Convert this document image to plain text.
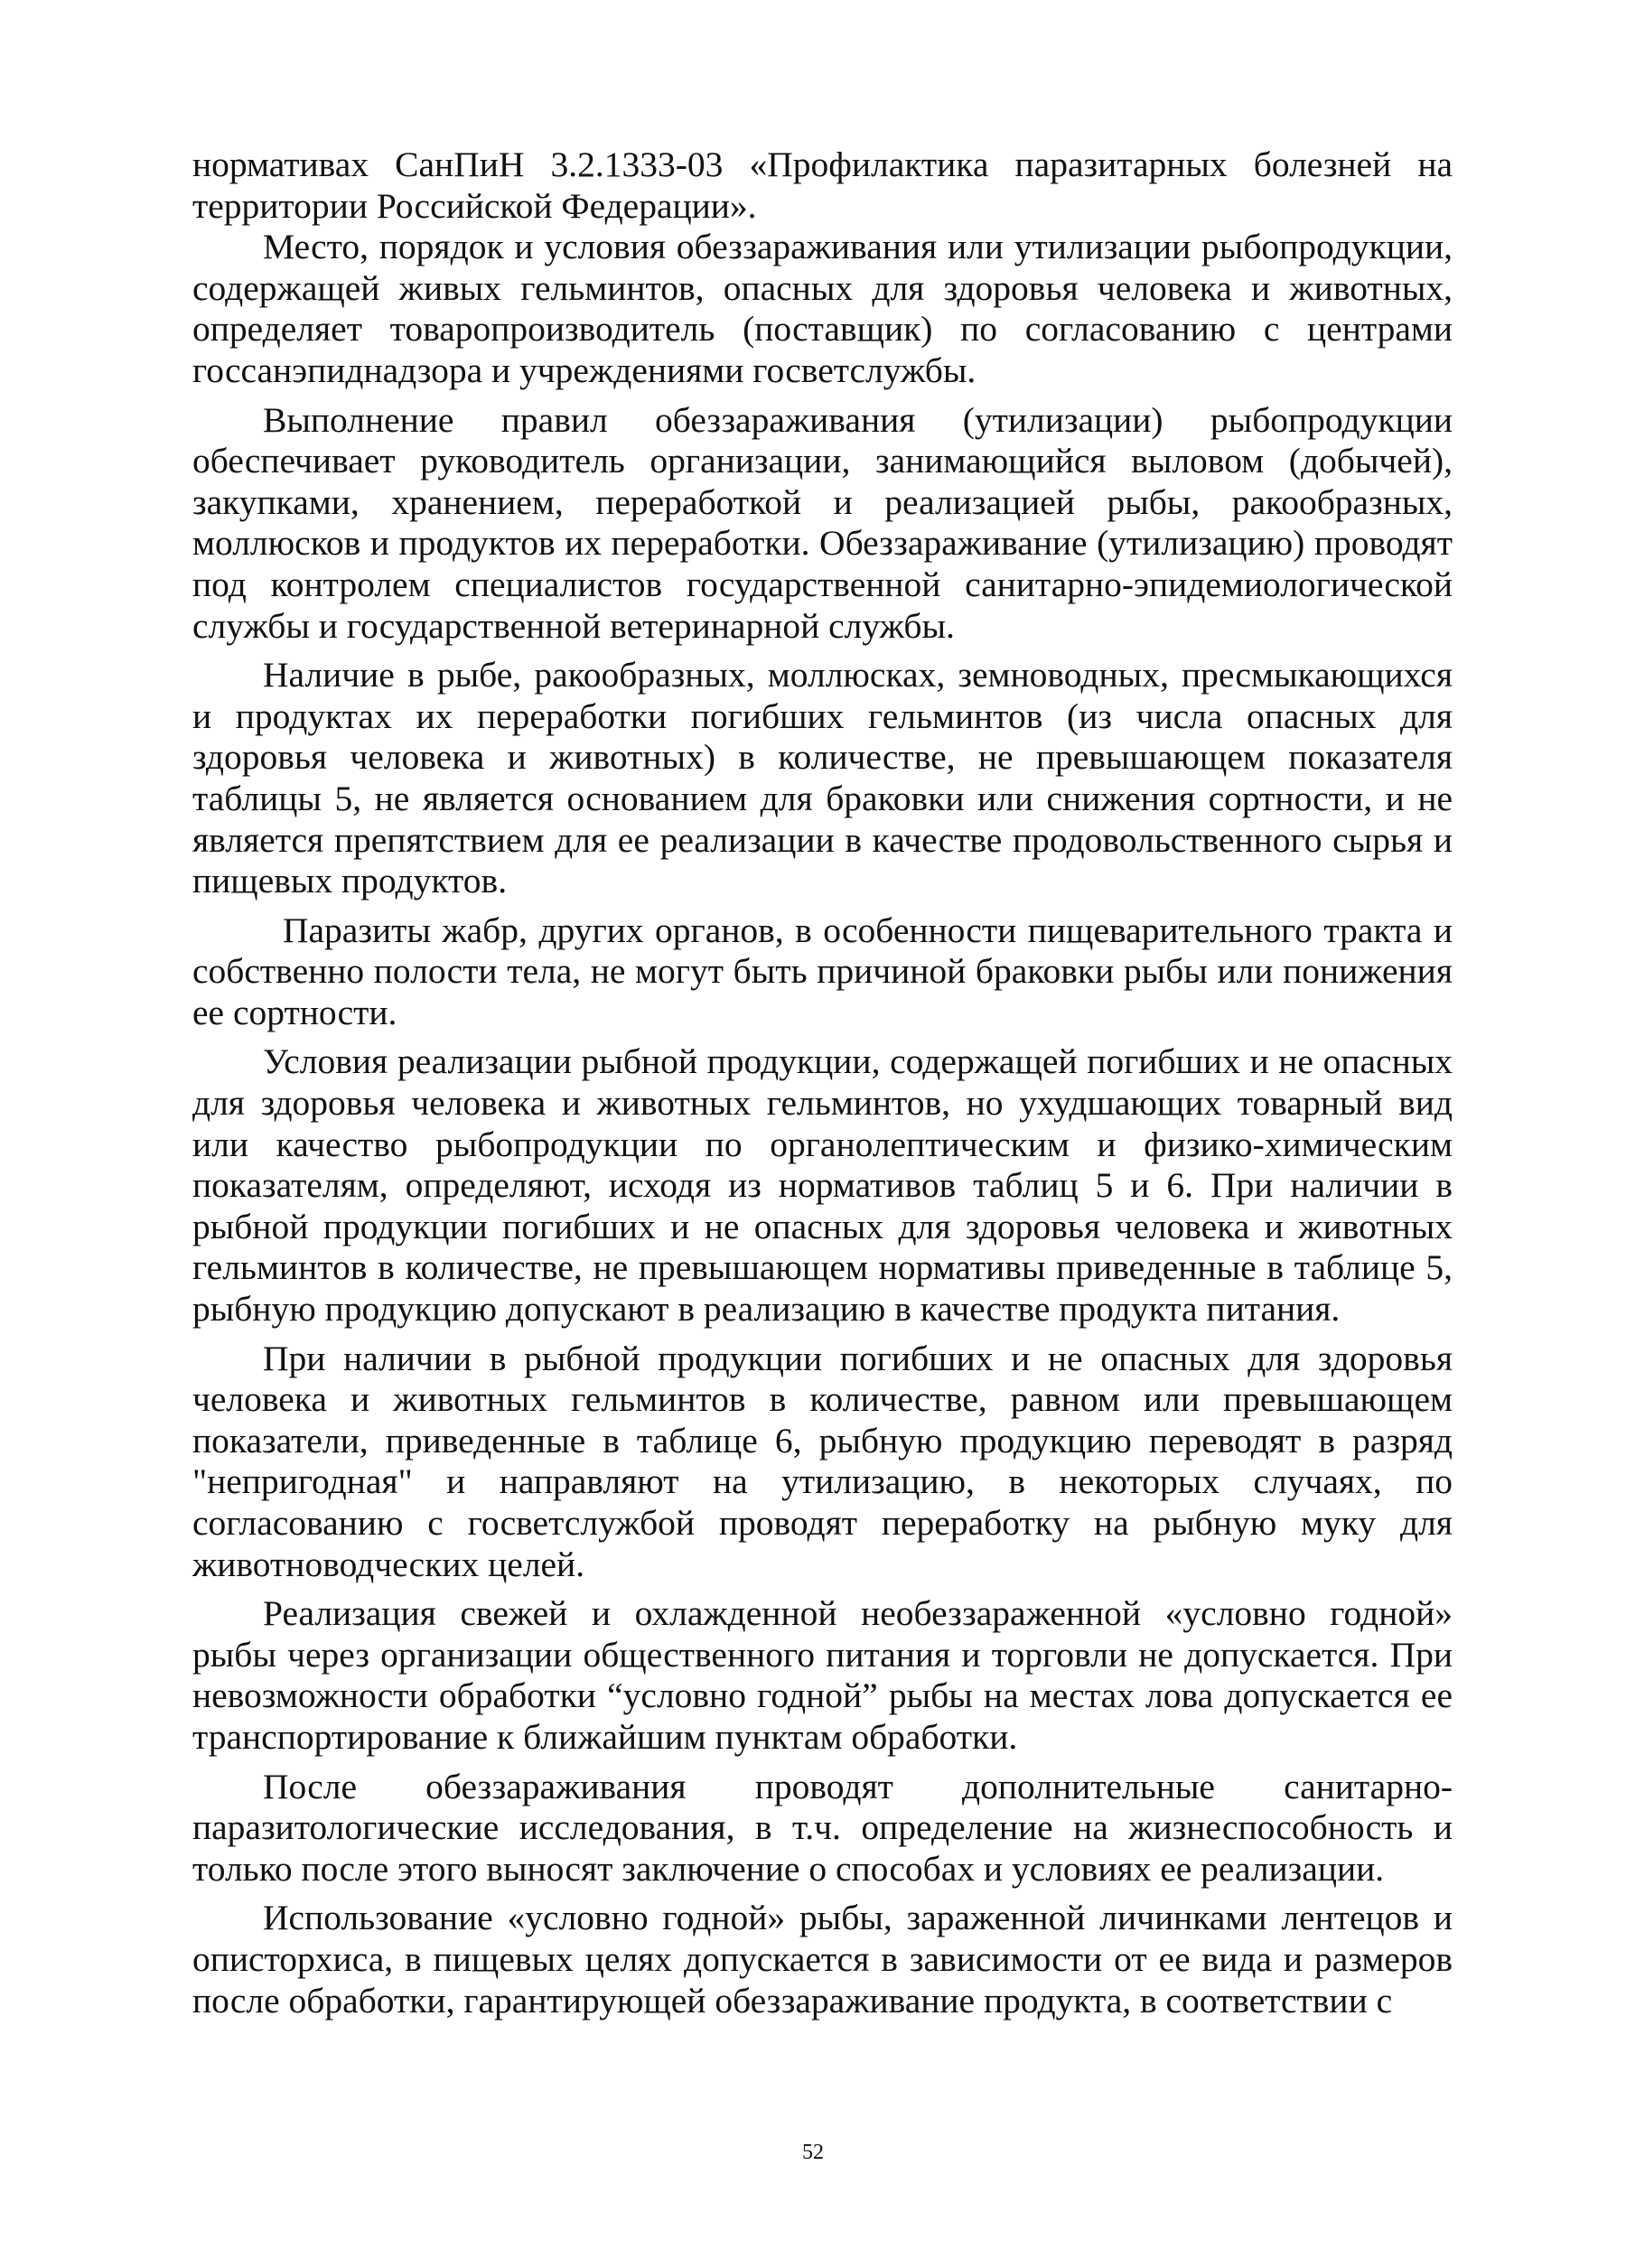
нормативах СанПиН 3.2.1333-03 «Профилактика паразитарных болезней на территории Российской Федерации».

Место, порядок и условия обеззараживания или утилизации рыбопродукции, содержащей живых гельминтов, опасных для здоровья человека и животных, определяет товаропроизводитель (поставщик) по согласованию с центрами госсанэпиднадзора и учреждениями госветслужбы.

Выполнение правил обеззараживания (утилизации) рыбопродукции обеспечивает руководитель организации, занимающийся выловом (добычей), закупками, хранением, переработкой и реализацией рыбы, ракообразных, моллюсков и продуктов их переработки. Обеззараживание (утилизацию) проводят под контролем специалистов государственной санитарно-эпидемиологической службы и государственной ветеринарной службы.

Наличие в рыбе, ракообразных, моллюсках, земноводных, пресмыкающихся и продуктах их переработки погибших гельминтов (из числа опасных для здоровья человека и животных) в количестве, не превышающем показателя таблицы 5, не является основанием для браковки или снижения сортности, и не является препятствием для ее реализации в качестве продовольственного сырья и пищевых продуктов.

Паразиты жабр, других органов, в особенности пищеварительного тракта и собственно полости тела, не могут быть причиной браковки рыбы или понижения ее сортности.

Условия реализации рыбной продукции, содержащей погибших и не опасных для здоровья человека и животных гельминтов, но ухудшающих товарный вид или качество рыбопродукции по органолептическим и физико-химическим показателям, определяют, исходя из нормативов таблиц 5 и 6. При наличии в рыбной продукции погибших и не опасных для здоровья человека и животных гельминтов в количестве, не превышающем нормативы приведенные в таблице 5, рыбную продукцию допускают в реализацию в качестве продукта питания.

При наличии в рыбной продукции погибших и не опасных для здоровья человека и животных гельминтов в количестве, равном или превышающем показатели, приведенные в таблице 6, рыбную продукцию переводят в разряд "непригодная" и направляют на утилизацию, в некоторых случаях, по согласованию с госветслужбой проводят переработку на рыбную муку для животноводческих целей.

Реализация свежей и охлажденной необеззараженной «условно годной» рыбы через организации общественного питания и торговли не допускается. При невозможности обработки “условно годной” рыбы на местах лова допускается ее транспортирование к ближайшим пунктам обработки.

После обеззараживания проводят дополнительные санитарно-паразитологические исследования, в т.ч. определение на жизнеспособность и только после этого выносят заключение о способах и условиях ее реализации.

Использование «условно годной» рыбы, зараженной личинками лентецов и описторхиса, в пищевых целях допускается в зависимости от ее вида и размеров после обработки, гарантирующей обеззараживание продукта, в соответствии с

52
